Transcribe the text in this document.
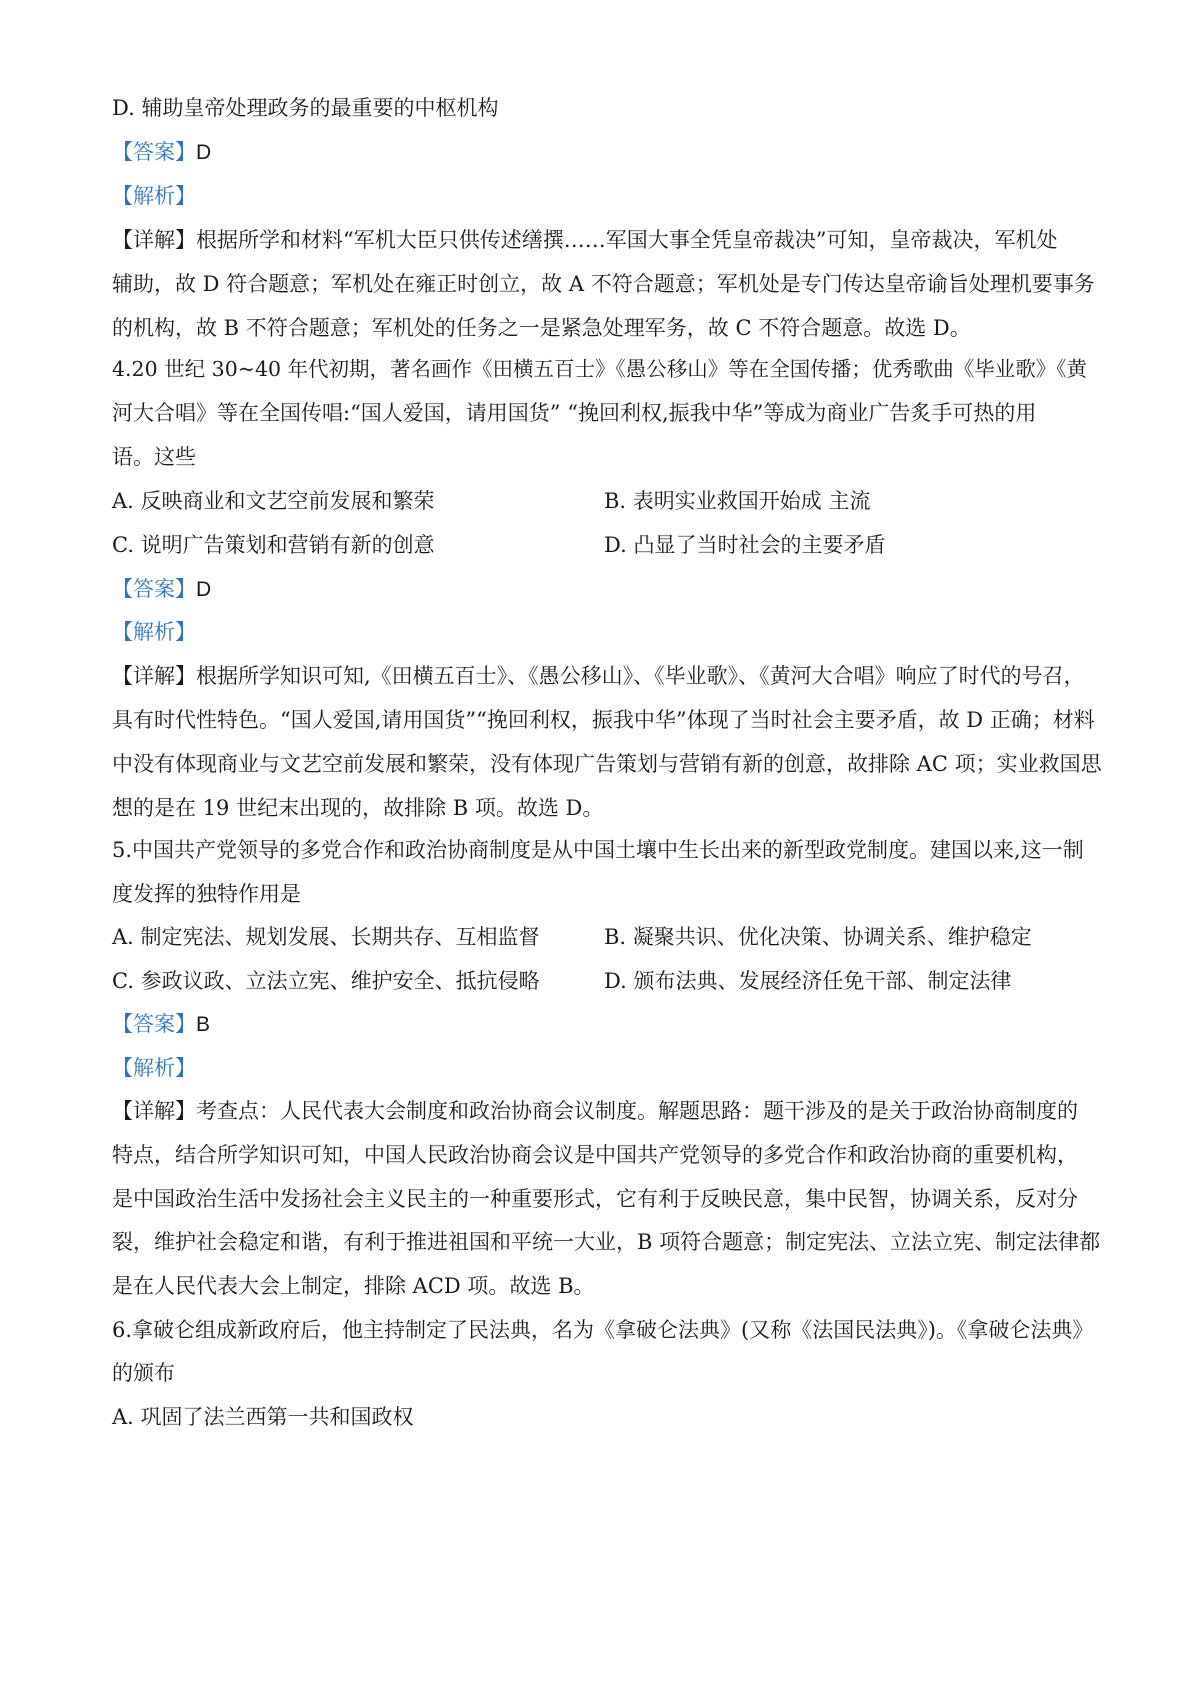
D. 辅助皇帝处理政务的最重要的中枢机构
【答案】D
【解析】
【详解】根据所学和材料“军机大臣只供传述缮撰……军国大事全凭皇帝裁决”可知，皇帝裁决，军机处
辅助，故 D 符合题意；军机处在雍正时创立，故 A 不符合题意；军机处是专门传达皇帝谕旨处理机要事务
的机构，故 B 不符合题意；军机处的任务之一是紧急处理军务，故 C 不符合题意。故选 D。
4.20 世纪 30~40 年代初期，著名画作《田横五百士》《愚公移山》等在全国传播；优秀歌曲《毕业歌》《黄
河大合唱》等在全国传唱:“国人爱国，请用国货” “挽回利权,振我中华”等成为商业广告炙手可热的用
语。这些
A. 反映商业和文艺空前发展和繁荣	B. 表明实业救国开始成 主流
C. 说明广告策划和营销有新的创意	D. 凸显了当时社会的主要矛盾
【答案】D
【解析】
【详解】根据所学知识可知,《田横五百士》、《愚公移山》、《毕业歌》、《黄河大合唱》响应了时代的号召，
具有时代性特色。“国人爱国,请用国货”“挽回利权，振我中华”体现了当时社会主要矛盾，故 D 正确；材料
中没有体现商业与文艺空前发展和繁荣，没有体现广告策划与营销有新的创意，故排除 AC 项；实业救国思
想的是在 19 世纪末出现的，故排除 B 项。故选 D。
5.中国共产党领导的多党合作和政治协商制度是从中国土壤中生长出来的新型政党制度。建国以来,这一制
度发挥的独特作用是
A. 制定宪法、规划发展、长期共存、互相监督	B. 凝聚共识、优化决策、协调关系、维护稳定
C. 参政议政、立法立宪、维护安全、抵抗侵略	D. 颁布法典、发展经济任免干部、制定法律
【答案】B
【解析】
【详解】考查点：人民代表大会制度和政治协商会议制度。解题思路：题干涉及的是关于政治协商制度的
特点，结合所学知识可知，中国人民政治协商会议是中国共产党领导的多党合作和政治协商的重要机构，
是中国政治生活中发扬社会主义民主的一种重要形式，它有利于反映民意，集中民智，协调关系，反对分
裂，维护社会稳定和谐，有利于推进祖国和平统一大业，B 项符合题意；制定宪法、立法立宪、制定法律都
是在人民代表大会上制定，排除 ACD 项。故选 B。
6.拿破仑组成新政府后，他主持制定了民法典，名为《拿破仑法典》(又称《法国民法典》)。《拿破仑法典》
的颁布
A. 巩固了法兰西第一共和国政权
